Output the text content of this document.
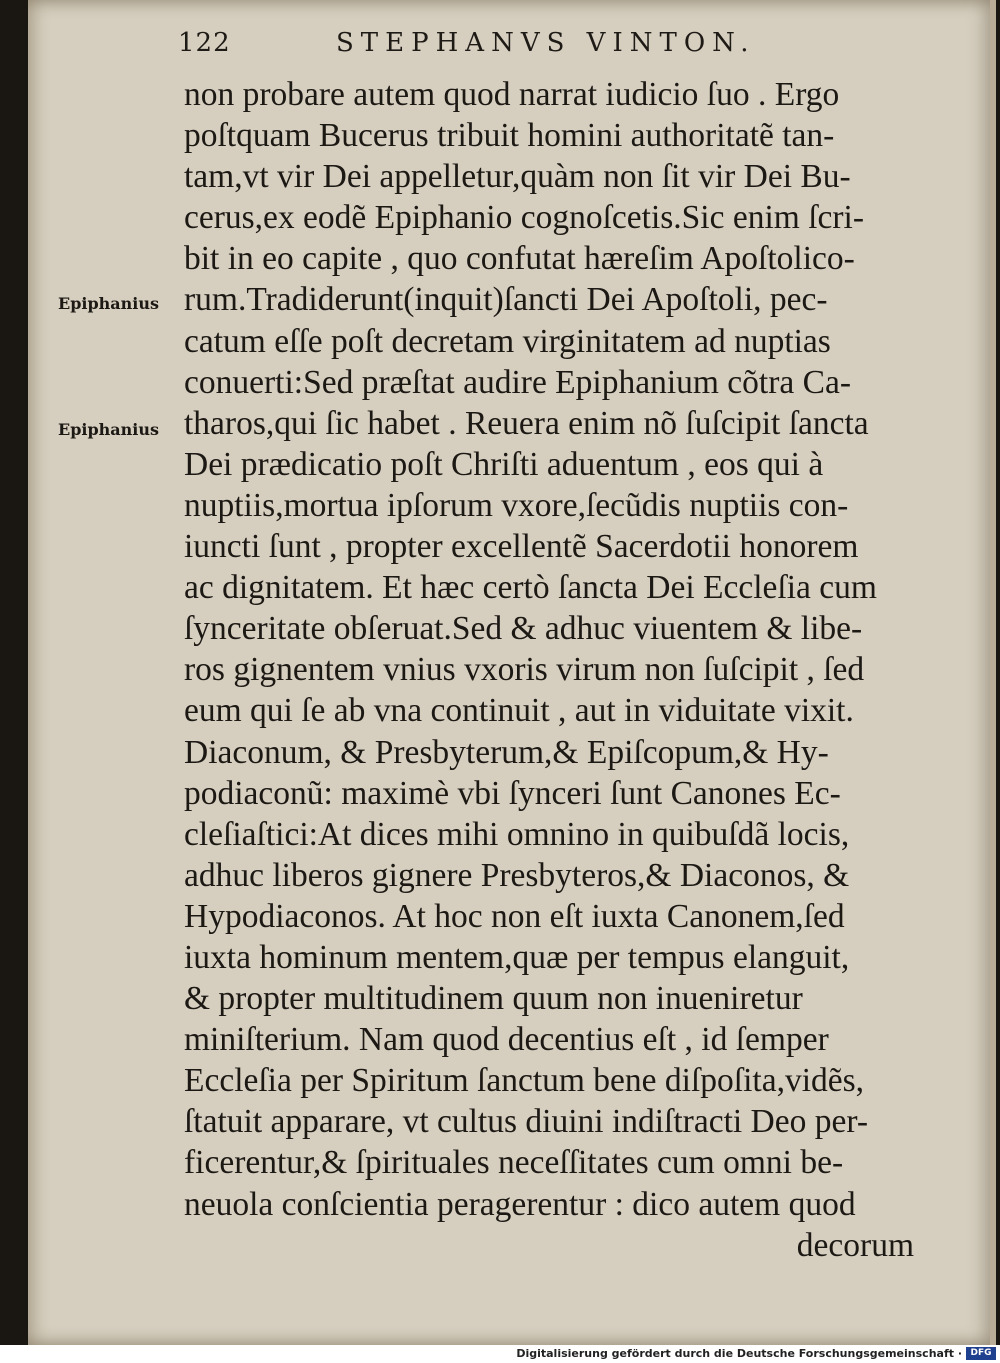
122	STEPHANVS VINTON.
Epiphanius
Epiphanius
non probare autem quod narrat iudicio ſuo . Ergo
poſtquam Bucerus tribuit homini authoritatẽ tan-
tam,vt vir Dei appelletur,quàm non ſit vir Dei Bu-
cerus,ex eodẽ Epiphanio cognoſcetis.Sic enim ſcri-
bit in eo capite , quo confutat hæreſim Apoſtolico-
rum.Tradiderunt(inquit)ſancti Dei Apoſtoli, pec-
catum eſſe poſt decretam virginitatem ad nuptias
conuerti:Sed præſtat audire Epiphanium cõtra Ca-
tharos,qui ſic habet . Reuera enim nõ ſuſcipit ſancta
Dei prædicatio poſt Chriſti aduentum , eos qui à
nuptiis,mortua ipſorum vxore,ſecũdis nuptiis con-
iuncti ſunt , propter excellentẽ Sacerdotii honorem
ac dignitatem. Et hæc certò ſancta Dei Eccleſia cum
ſynceritate obſeruat.Sed & adhuc viuentem & libe-
ros gignentem vnius vxoris virum non ſuſcipit , ſed
eum qui ſe ab vna continuit , aut in viduitate vixit.
Diaconum, & Presbyterum,& Epiſcopum,& Hy-
podiaconũ: maximè vbi ſynceri ſunt Canones Ec-
cleſiaſtici:At dices mihi omnino in quibuſdã locis,
adhuc liberos gignere Presbyteros,& Diaconos, &
Hypodiaconos. At hoc non eſt iuxta Canonem,ſed
iuxta hominum mentem,quæ per tempus elanguit,
& propter multitudinem quum non inueniretur
miniſterium. Nam quod decentius eſt , id ſemper
Eccleſia per Spiritum ſanctum bene diſpoſita,vidẽs,
ſtatuit apparare, vt cultus diuini indiſtracti Deo per-
ficerentur,& ſpirituales neceſſitates cum omni be-
neuola conſcientia peragerentur : dico autem quod
decorum
Digitalisierung gefördert durch die Deutsche Forschungsgemeinschaft · DFG
